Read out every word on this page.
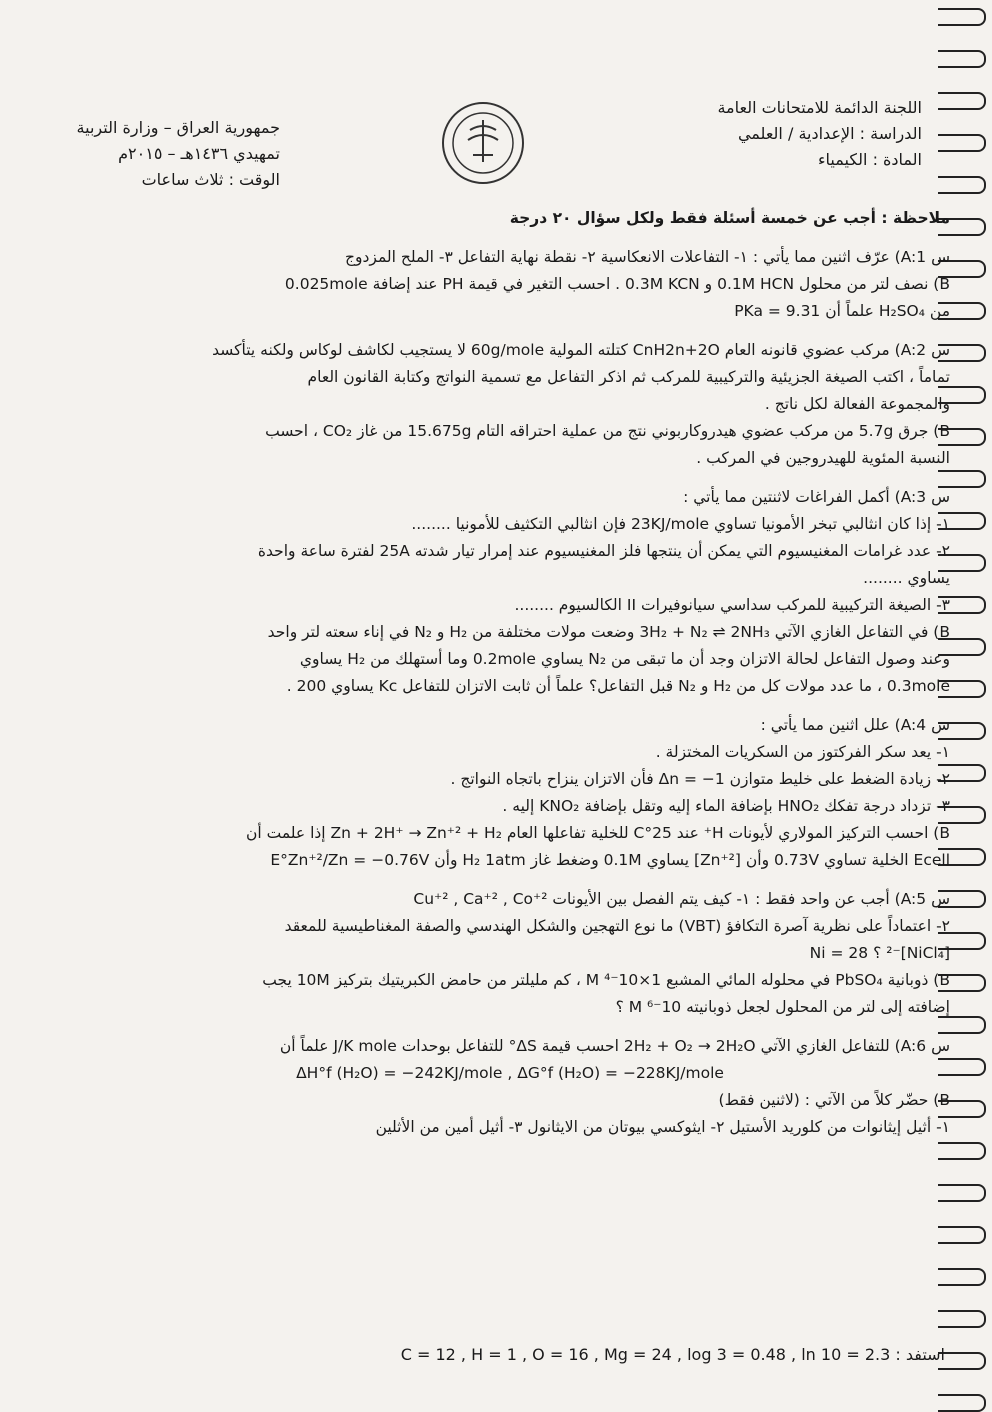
اللجنة الدائمة للامتحانات العامة
الدراسة : الإعدادية / العلمي
المادة : الكيمياء
جمهورية العراق – وزارة التربية
تمهيدي ١٤٣٦هـ – ٢٠١٥م
الوقت : ثلاث ساعات
ملاحظة : أجب عن خمسة أسئلة فقط ولكل سؤال ٢٠ درجة
س A:1) عرّف اثنين مما يأتي : ١- التفاعلات الانعكاسية ٢- نقطة نهاية التفاعل ٣- الملح المزدوج
B) نصف لتر من محلول 0.1M HCN و 0.3M KCN . احسب التغير في قيمة PH عند إضافة 0.025mole
من H₂SO₄ علماً أن PKa = 9.31
س A:2) مركب عضوي قانونه العام CnH2n+2O كتلته المولية 60g/mole لا يستجيب لكاشف لوكاس ولكنه يتأكسد
تماماً ، اكتب الصيغة الجزيئية والتركيبية للمركب ثم اذكر التفاعل مع تسمية النواتج وكتابة القانون العام
والمجموعة الفعالة لكل ناتج .
B) جرق 5.7g من مركب عضوي هيدروكاربوني نتج من عملية احتراقه التام 15.675g من غاز CO₂ ، احسب
النسبة المئوية للهيدروجين في المركب .
س A:3) أكمل الفراغات لاثنتين مما يأتي :
١- إذا كان انثالبي تبخر الأمونيا تساوي 23KJ/mole فإن انثالبي التكثيف للأمونيا ........
٢- عدد غرامات المغنيسيوم التي يمكن أن ينتجها فلز المغنيسيوم عند إمرار تيار شدته 25A لفترة ساعة واحدة
يساوي ........
٣- الصيغة التركيبية للمركب سداسي سيانوفيرات II الكالسيوم ........
B) في التفاعل الغازي الآتي 3H₂ + N₂ ⇌ 2NH₃ وضعت مولات مختلفة من H₂ و N₂ في إناء سعته لتر واحد
وعند وصول التفاعل لحالة الاتزان وجد أن ما تبقى من N₂ يساوي 0.2mole وما أستهلك من H₂ يساوي
0.3mole ، ما عدد مولات كل من H₂ و N₂ قبل التفاعل؟ علماً أن ثابت الاتزان للتفاعل Kc يساوي 200 .
س A:4) علل اثنين مما يأتي :
١- يعد سكر الفركتوز من السكريات المختزلة .
٢- زيادة الضغط على خليط متوازن Δn = −1 فأن الاتزان ينزاح باتجاه النواتج .
٣- تزداد درجة تفكك HNO₂ بإضافة الماء إليه وتقل بإضافة KNO₂ إليه .
B) احسب التركيز المولاري لأيونات H⁺ عند 25°C للخلية تفاعلها العام Zn + 2H⁺ → Zn⁺² + H₂ إذا علمت أن
Ecell الخلية تساوي 0.73V وأن [Zn⁺²] يساوي 0.1M وضغط غاز H₂ 1atm وأن E°Zn⁺²/Zn = −0.76V
س A:5) أجب عن واحد فقط : ١- كيف يتم الفصل بين الأيونات Cu⁺² , Ca⁺² , Co⁺²
٢- اعتماداً على نظرية آصرة التكافؤ (VBT) ما نوع التهجين والشكل الهندسي والصفة المغناطيسية للمعقد
[NiCl₄]⁻² ؟ Ni = 28
B) ذوبانية PbSO₄ في محلوله المائي المشبع 1×10⁻⁴ M ، كم مليلتر من حامض الكبريتيك بتركيز 10M يجب
إضافته إلى لتر من المحلول لجعل ذوبانيته 10⁻⁶ M ؟
س A:6) للتفاعل الغازي الآتي 2H₂ + O₂ → 2H₂O احسب قيمة ΔS° للتفاعل بوحدات J/K mole علماً أن
ΔH°f (H₂O) = −242KJ/mole , ΔG°f (H₂O) = −228KJ/mole
B) حضّر كلاً من الآتي : (لاثنين فقط)
١- أثيل إيثانوات من كلوريد الأستيل ٢- ايثوكسي بيوتان من الايثانول ٣- أثيل أمين من الأثلين
استفد : C = 12 , H = 1 , O = 16 , Mg = 24 , log 3 = 0.48 , ln 10 = 2.3
